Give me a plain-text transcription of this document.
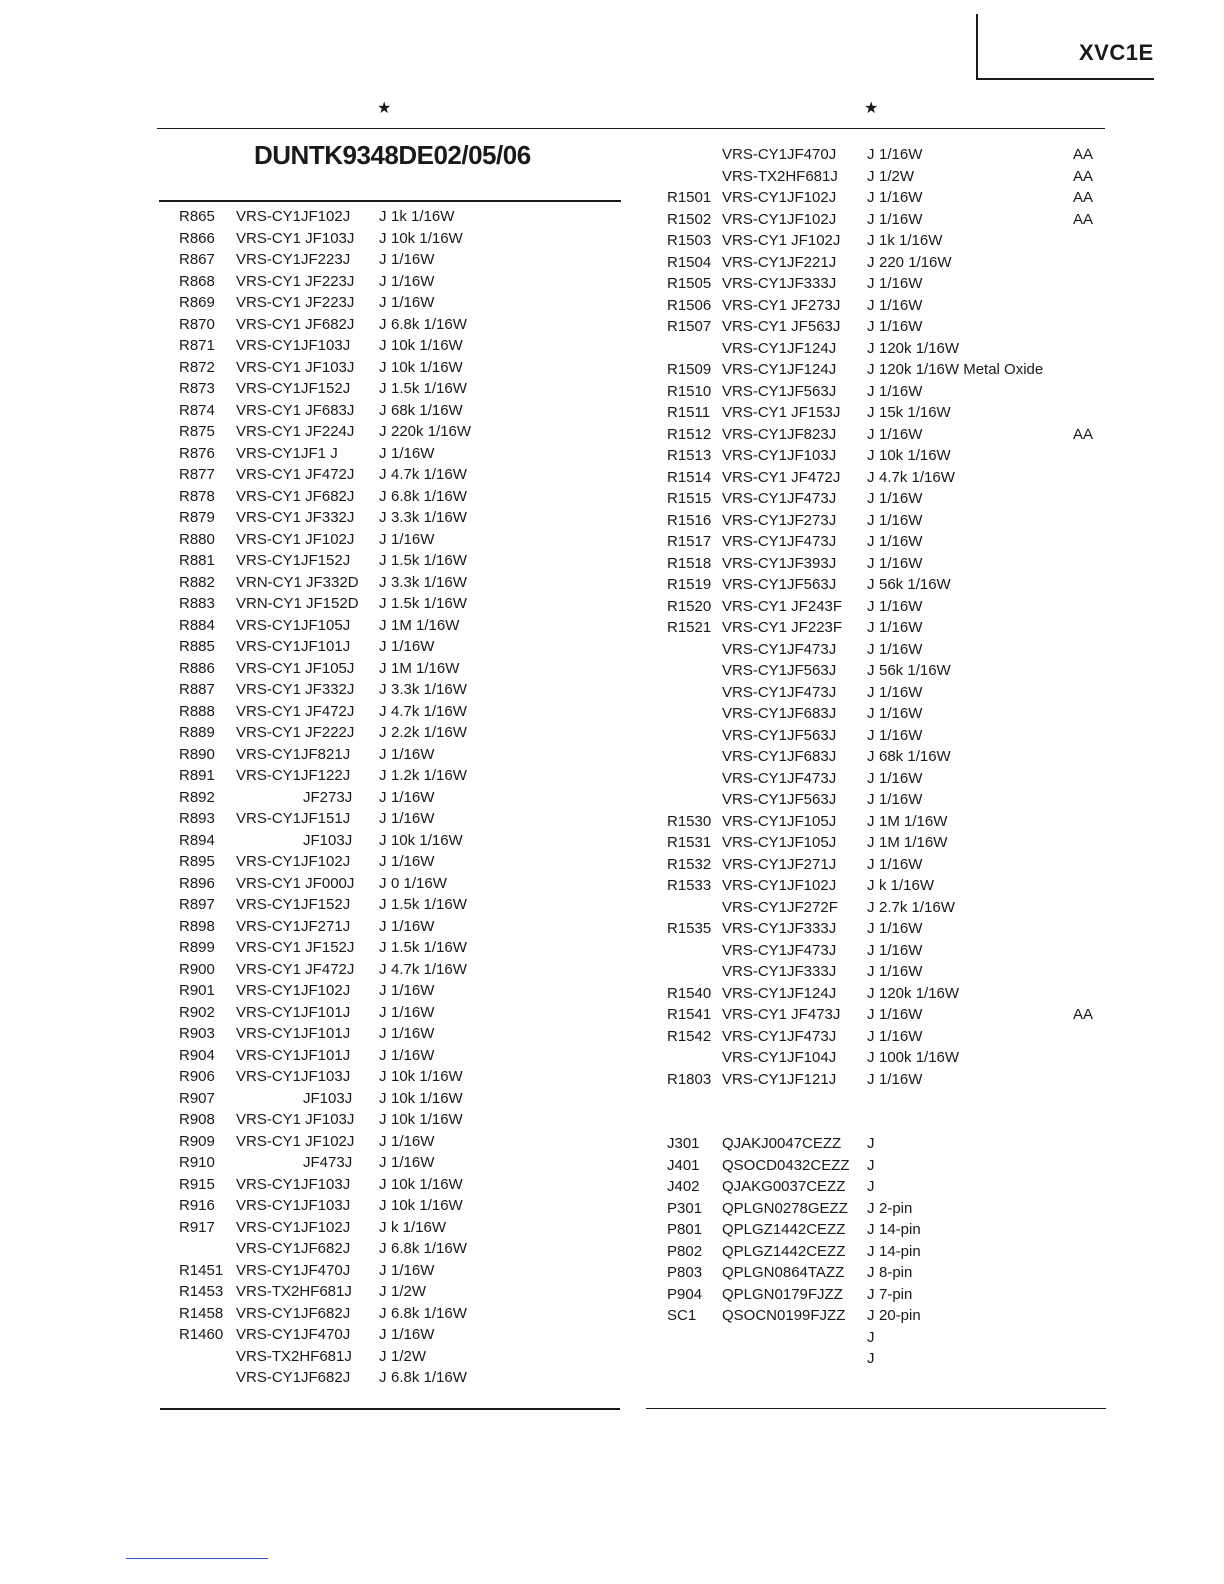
XVC1E
★	★
DUNTK9348DE02/05/06
R865 VRS-CY1JF102J J 1k 1/16W
R866 VRS-CY1 JF103J J 10k 1/16W
R867 VRS-CY1JF223J J 1/16W
R868 VRS-CY1 JF223J J 1/16W
R869 VRS-CY1 JF223J J 1/16W
R870 VRS-CY1 JF682J J 6.8k 1/16W
R871 VRS-CY1JF103J J 10k 1/16W
R872 VRS-CY1 JF103J J 10k 1/16W
R873 VRS-CY1JF152J J 1.5k 1/16W
R874 VRS-CY1 JF683J J 68k 1/16W
R875 VRS-CY1 JF224J J 220k 1/16W
R876 VRS-CY1JF1 J	J 1/16W
R877 VRS-CY1 JF472J J 4.7k 1/16W
R878 VRS-CY1 JF682J J 6.8k 1/16W
R879 VRS-CY1 JF332J J 3.3k 1/16W
R880 VRS-CY1 JF102J J 1/16W
R881 VRS-CY1JF152J J 1.5k 1/16W
R882 VRN-CY1 JF332D J 3.3k 1/16W
R883 VRN-CY1 JF152D J 1.5k 1/16W
R884 VRS-CY1JF105J J 1M 1/16W
R885 VRS-CY1JF101J J 1/16W
R886 VRS-CY1 JF105J J 1M 1/16W
R887 VRS-CY1 JF332J J 3.3k 1/16W
R888 VRS-CY1 JF472J J 4.7k 1/16W
R889 VRS-CY1 JF222J J 2.2k 1/16W
R890 VRS-CY1JF821J J 1/16W
R891 VRS-CY1JF122J J 1.2k 1/16W
R892	JF273J J 1/16W
R893 VRS-CY1JF151J J 1/16W
R894	JF103J J 10k 1/16W
R895 VRS-CY1JF102J J 1/16W
R896 VRS-CY1 JF000J J 0 1/16W
R897 VRS-CY1JF152J J 1.5k 1/16W
R898 VRS-CY1JF271J J 1/16W
R899 VRS-CY1 JF152J J 1.5k 1/16W
R900 VRS-CY1 JF472J J 4.7k 1/16W
R901 VRS-CY1JF102J J 1/16W
R902 VRS-CY1JF101J J 1/16W
R903 VRS-CY1JF101J J 1/16W
R904 VRS-CY1JF101J J 1/16W
R906 VRS-CY1JF103J J 10k 1/16W
R907	JF103J J 10k 1/16W
R908 VRS-CY1 JF103J J 10k 1/16W
R909 VRS-CY1 JF102J J 1/16W
R910	JF473J J 1/16W
R915 VRS-CY1JF103J J 10k 1/16W
R916 VRS-CY1JF103J J 10k 1/16W
R917 VRS-CY1JF102J J k 1/16W
VRS-CY1JF682J J 6.8k 1/16W
R1451 VRS-CY1JF470J J 1/16W
R1453 VRS-TX2HF681J J 1/2W
R1458 VRS-CY1JF682J J 6.8k 1/16W
R1460 VRS-CY1JF470J J 1/16W
VRS-TX2HF681J J 1/2W
VRS-CY1JF682J J 6.8k 1/16W
VRS-CY1JF470J J 1/16W	AA
VRS-TX2HF681J J 1/2W	AA
R1501 VRS-CY1JF102J J 1/16W	AA
R1502 VRS-CY1JF102J J 1/16W	AA
R1503 VRS-CY1 JF102J J 1k 1/16W
R1504 VRS-CY1JF221J J 220 1/16W
R1505 VRS-CY1JF333J J 1/16W
R1506 VRS-CY1 JF273J J 1/16W
R1507 VRS-CY1 JF563J J 1/16W
VRS-CY1JF124J J 120k 1/16W
R1509 VRS-CY1JF124J J 120k 1/16W Metal Oxide
R1510 VRS-CY1JF563J J 1/16W
R1511 VRS-CY1 JF153J J 15k 1/16W
R1512 VRS-CY1JF823J J 1/16W	AA
R1513 VRS-CY1JF103J J 10k 1/16W
R1514 VRS-CY1 JF472J J 4.7k 1/16W
R1515 VRS-CY1JF473J J 1/16W
R1516 VRS-CY1JF273J J 1/16W
R1517 VRS-CY1JF473J J 1/16W
R1518 VRS-CY1JF393J J 1/16W
R1519 VRS-CY1JF563J J 56k 1/16W
R1520 VRS-CY1 JF243F J 1/16W
R1521 VRS-CY1 JF223F J 1/16W
VRS-CY1JF473J J 1/16W
VRS-CY1JF563J J 56k 1/16W
VRS-CY1JF473J J 1/16W
VRS-CY1JF683J J 1/16W
VRS-CY1JF563J J 1/16W
VRS-CY1JF683J J 68k 1/16W
VRS-CY1JF473J J 1/16W
VRS-CY1JF563J J 1/16W
R1530 VRS-CY1JF105J J 1M 1/16W
R1531 VRS-CY1JF105J J 1M 1/16W
R1532 VRS-CY1JF271J J 1/16W
R1533 VRS-CY1JF102J J k 1/16W
VRS-CY1JF272F J 2.7k 1/16W
R1535 VRS-CY1JF333J J 1/16W
VRS-CY1JF473J J 1/16W
VRS-CY1JF333J J 1/16W
R1540 VRS-CY1JF124J J 120k 1/16W
R1541 VRS-CY1 JF473J J 1/16W	AA
R1542 VRS-CY1JF473J J 1/16W
VRS-CY1JF104J J 100k 1/16W
R1803 VRS-CY1JF121J J 1/16W
J301 QJAKJ0047CEZZ J
J401 QSOCD0432CEZZ J
J402 QJAKG0037CEZZ J
P301 QPLGN0278GEZZ J 2-pin
P801 QPLGZ1442CEZZ J 14-pin
P802 QPLGZ1442CEZZ J 14-pin
P803 QPLGN0864TAZZ J 8-pin
P904 QPLGN0179FJZZ J 7-pin
SC1 QSOCN0199FJZZ J 20-pin
J
J
